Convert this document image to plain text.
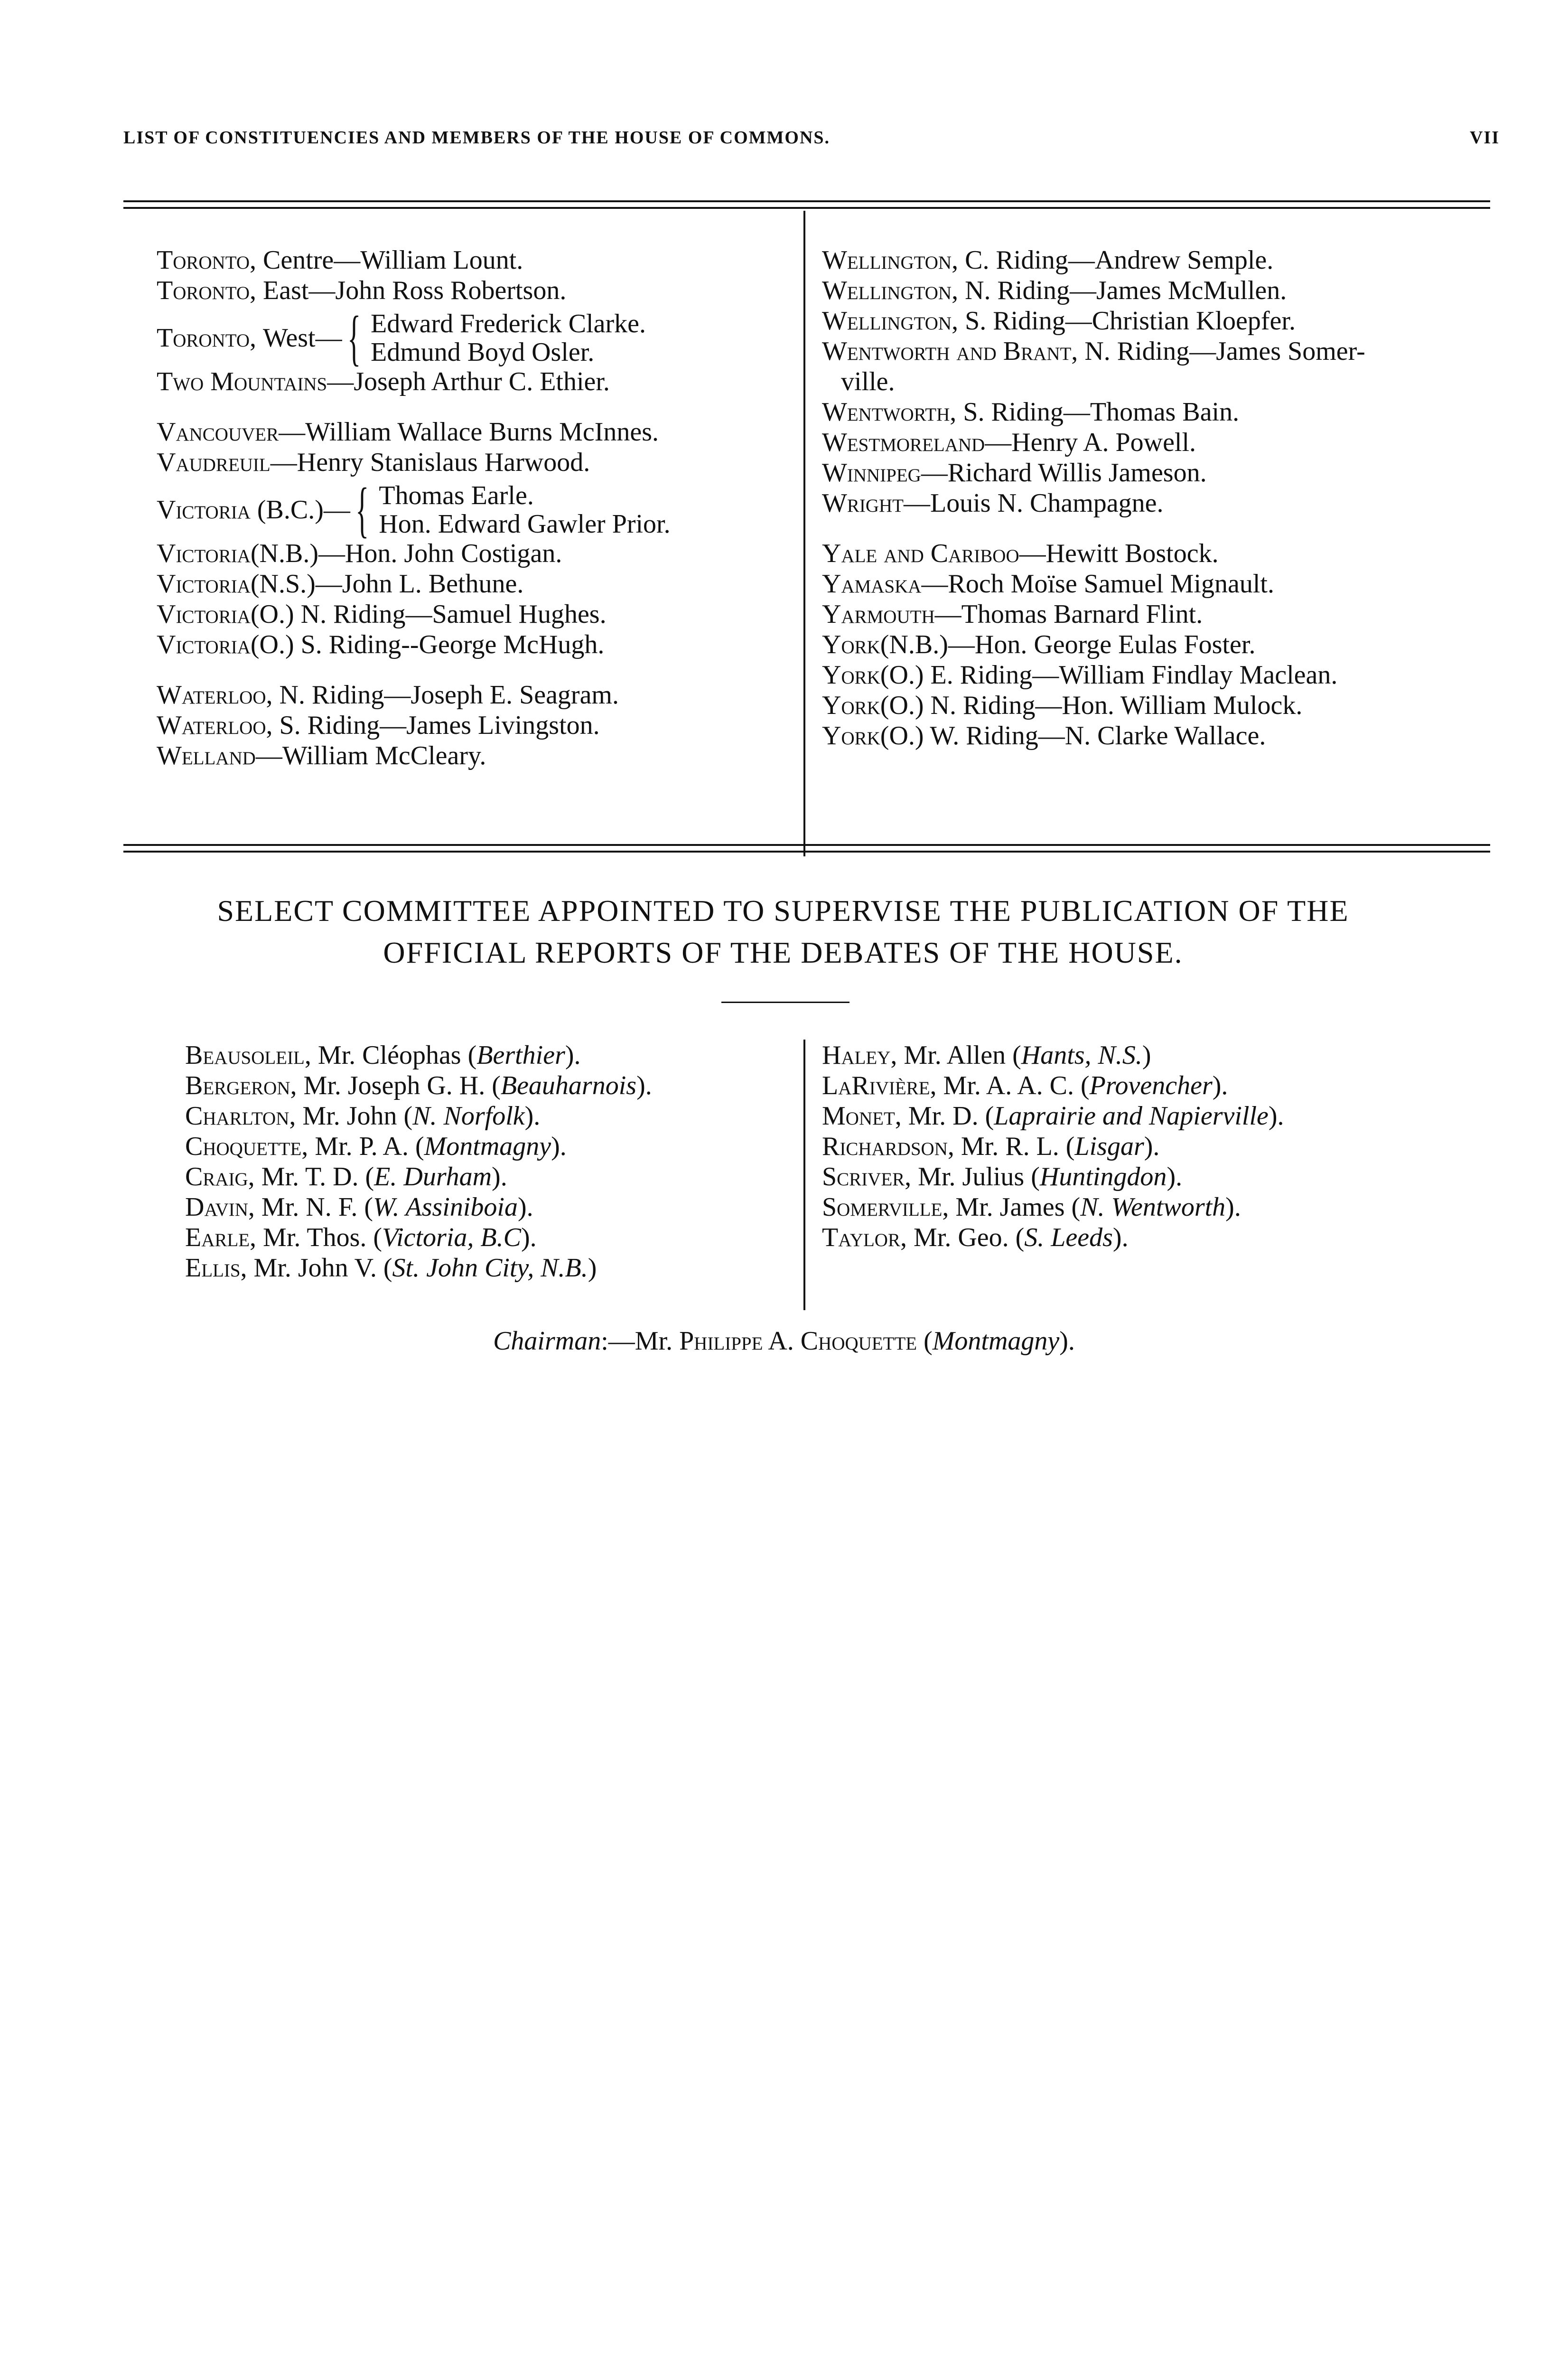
LIST OF CONSTITUENCIES AND MEMBERS OF THE HOUSE OF COMMONS.	VII
Toronto, Centre—William Lount.
Toronto, East—John Ross Robertson.
Toronto, West— { Edward Frederick Clarke.
Edmund Boyd Osler.
Two Mountains—Joseph Arthur C. Ethier.
Vancouver—William Wallace Burns McInnes.
Vaudreuil—Henry Stanislaus Harwood.
Victoria (B.C.)— { Thomas Earle.
Hon. Edward Gawler Prior.
Victoria(N.B.)—Hon. John Costigan.
Victoria(N.S.)—John L. Bethune.
Victoria(O.) N. Riding—Samuel Hughes.
Victoria(O.) S. Riding--George McHugh.
Waterloo, N. Riding—Joseph E. Seagram.
Waterloo, S. Riding—James Livingston.
Welland—William McCleary.
Wellington, C. Riding—Andrew Semple.
Wellington, N. Riding—James McMullen.
Wellington, S. Riding—Christian Kloepfer.
Wentworth and Brant, N. Riding—James Somer-
ville.
Wentworth, S. Riding—Thomas Bain.
Westmoreland—Henry A. Powell.
Winnipeg—Richard Willis Jameson.
Wright—Louis N. Champagne.
Yale and Cariboo—Hewitt Bostock.
Yamaska—Roch Moïse Samuel Mignault.
Yarmouth—Thomas Barnard Flint.
York(N.B.)—Hon. George Eulas Foster.
York(O.) E. Riding—William Findlay Maclean.
York(O.) N. Riding—Hon. William Mulock.
York(O.) W. Riding—N. Clarke Wallace.
SELECT COMMITTEE APPOINTED TO SUPERVISE THE PUBLICATION OF THE
OFFICIAL REPORTS OF THE DEBATES OF THE HOUSE.
Beausoleil, Mr. Cléophas (Berthier).
Bergeron, Mr. Joseph G. H. (Beauharnois).
Charlton, Mr. John (N. Norfolk).
Choquette, Mr. P. A. (Montmagny).
Craig, Mr. T. D. (E. Durham).
Davin, Mr. N. F. (W. Assiniboia).
Earle, Mr. Thos. (Victoria, B.C).
Ellis, Mr. John V. (St. John City, N.B.)
Haley, Mr. Allen (Hants, N.S.)
LaRivière, Mr. A. A. C. (Provencher).
Monet, Mr. D. (Laprairie and Napierville).
Richardson, Mr. R. L. (Lisgar).
Scriver, Mr. Julius (Huntingdon).
Somerville, Mr. James (N. Wentworth).
Taylor, Mr. Geo. (S. Leeds).
Chairman:—Mr. Philippe A. Choquette (Montmagny).
